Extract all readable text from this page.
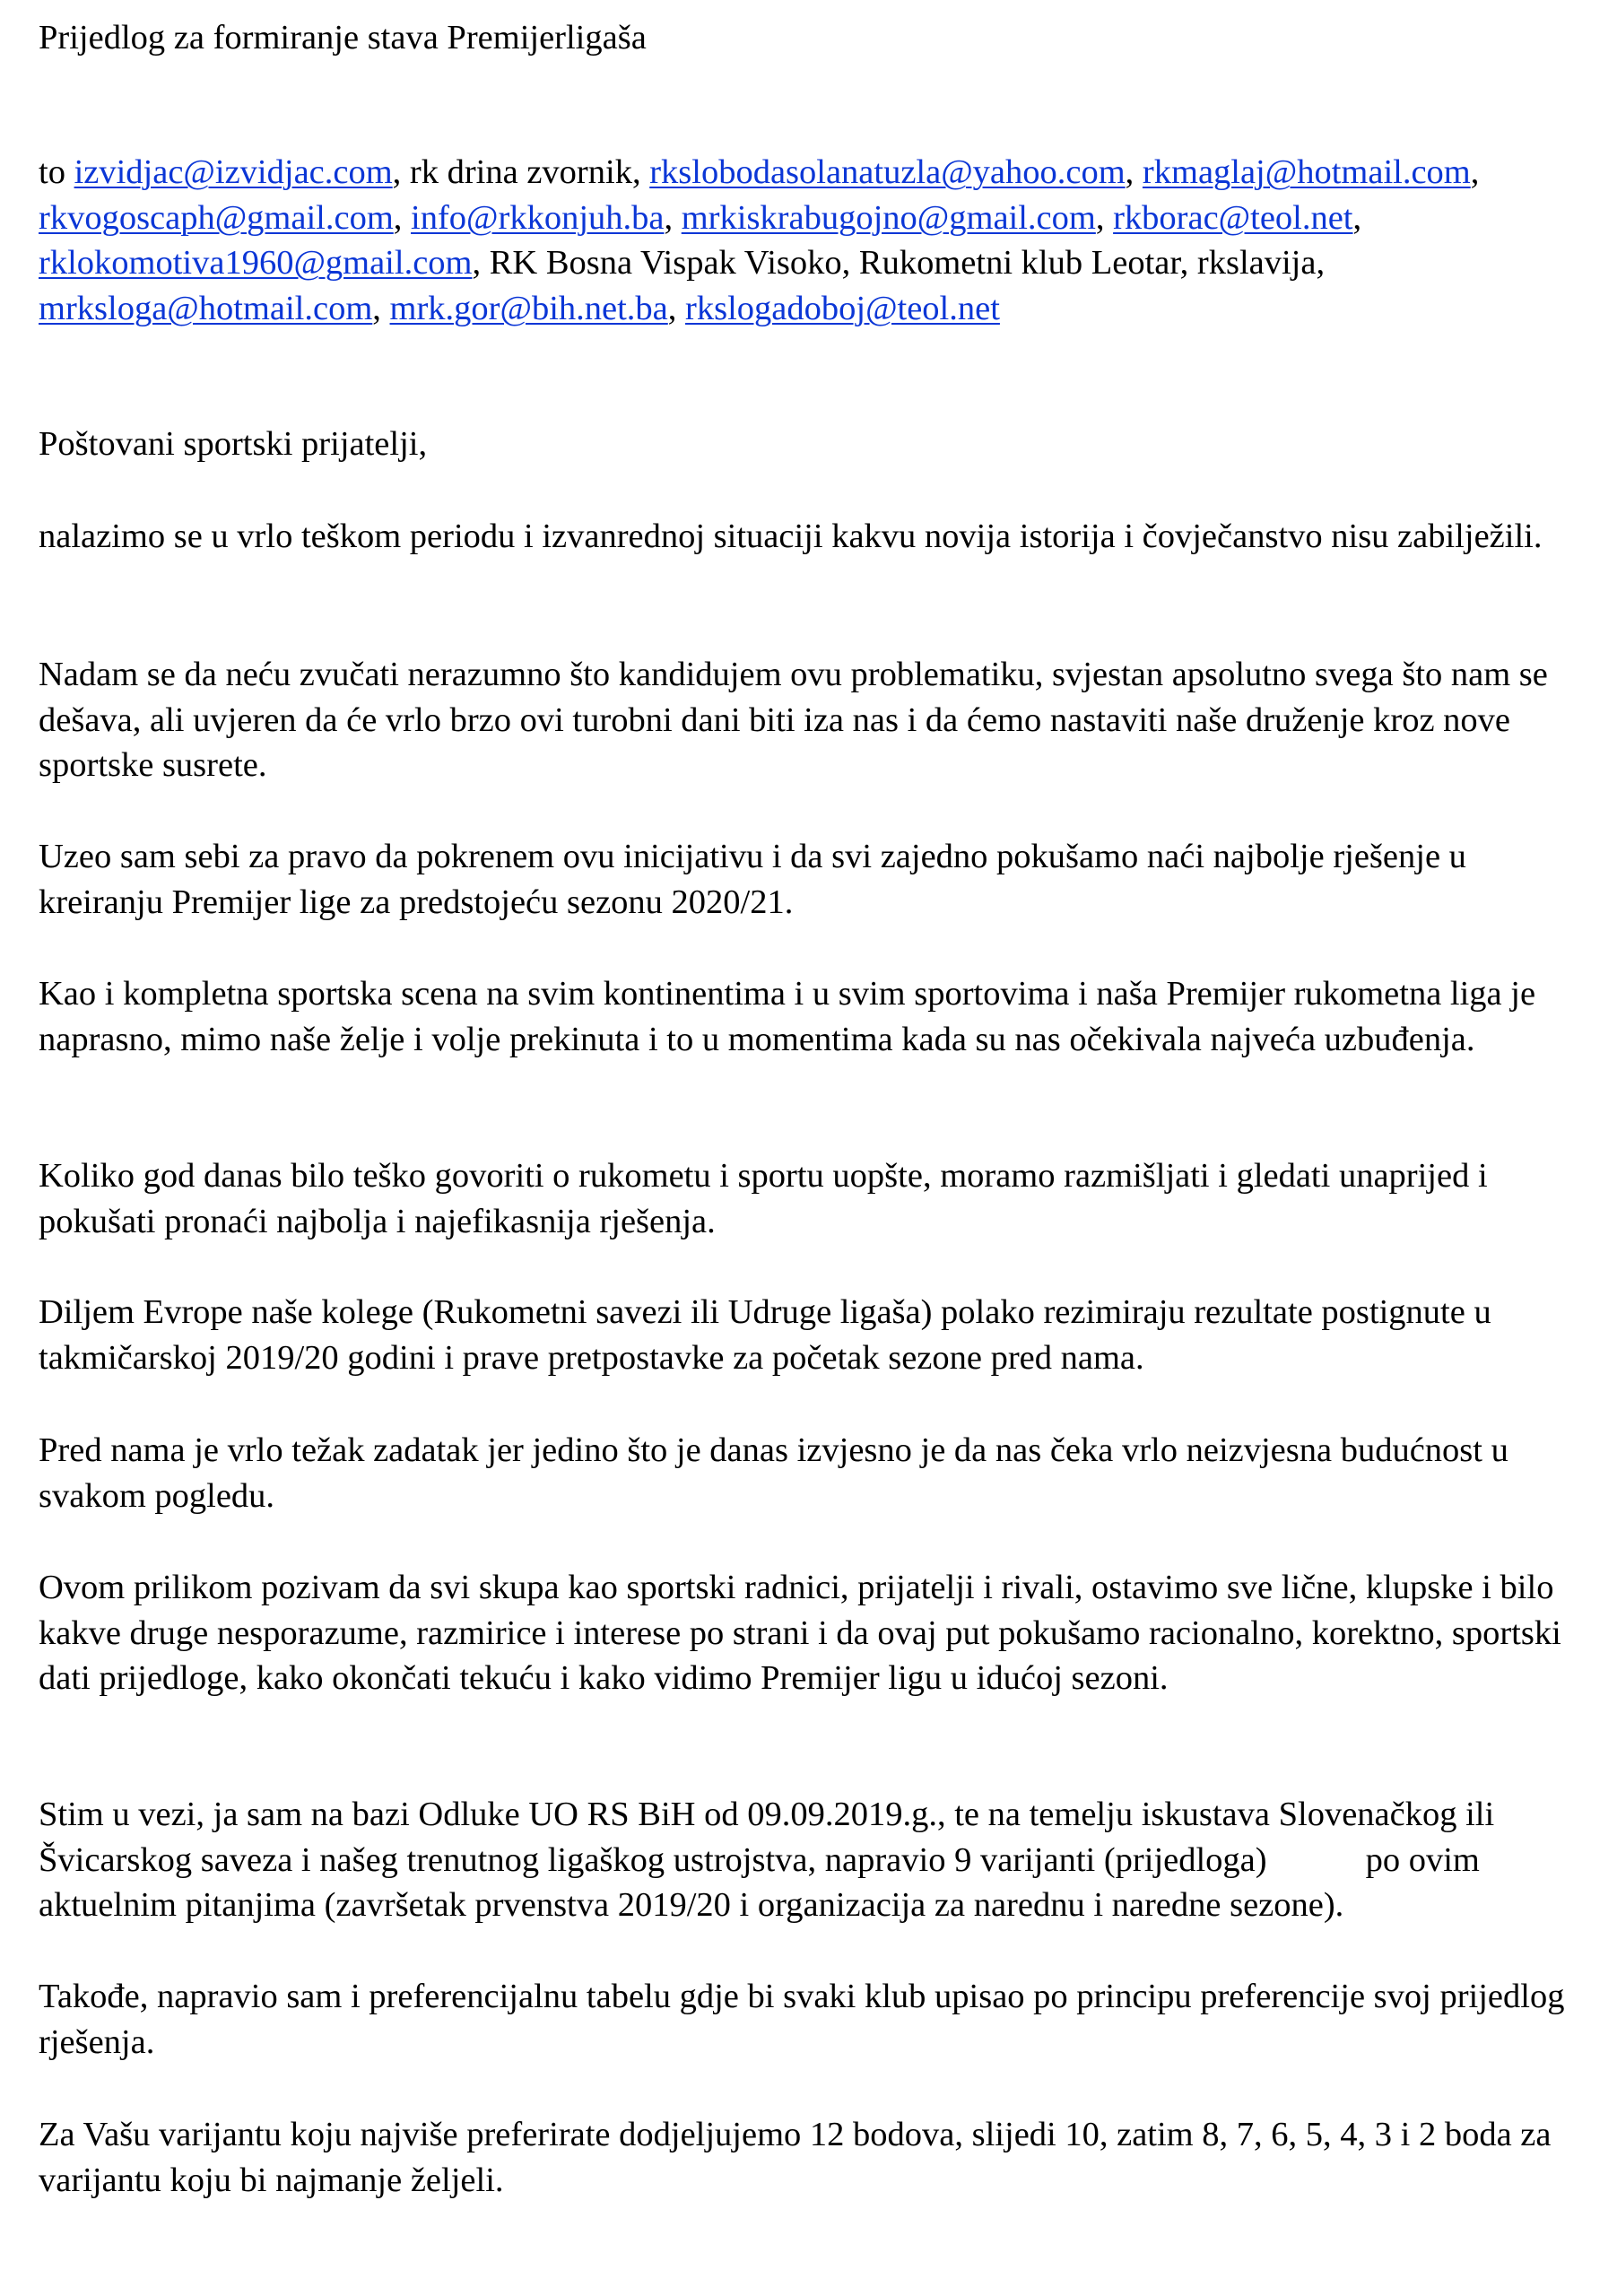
Prijedlog za formiranje stava Premijerligaša
to izvidjac@izvidjac.com, rk drina zvornik, rkslobodasolanatuzla@yahoo.com, rkmaglaj@hotmail.com, rkvogoscaph@gmail.com, info@rkkonjuh.ba, mrkiskrabugojno@gmail.com, rkborac@teol.net, rklokomotiva1960@gmail.com, RK Bosna Vispak Visoko, Rukometni klub Leotar, rkslavija, mrksloga@hotmail.com, mrk.gor@bih.net.ba, rkslogadoboj@teol.net

Poštovani sportski prijatelji,

nalazimo se u vrlo teškom periodu i izvanrednoj situaciji kakvu novija istorija i čovječanstvo nisu zabilježili.

Nadam se da neću zvučati nerazumno što kandidujem ovu problematiku, svjestan apsolutno svega što nam se dešava, ali uvjeren da će vrlo brzo ovi turobni dani biti iza nas i da ćemo nastaviti naše druženje kroz nove sportske susrete.

Uzeo sam sebi za pravo da pokrenem ovu inicijativu i da svi zajedno pokušamo naći najbolje rješenje u kreiranju Premijer lige za predstojeću sezonu 2020/21.

Kao i kompletna sportska scena na svim kontinentima i u svim sportovima i naša Premijer rukometna liga je naprasno, mimo naše želje i volje prekinuta i to u momentima kada su nas očekivala najveća uzbuđenja.

Koliko god danas bilo teško govoriti o rukometu i sportu uopšte, moramo razmišljati i gledati unaprijed i pokušati pronaći najbolja i najefikasnija rješenja.

Diljem Evrope naše kolege (Rukometni savezi ili Udruge ligaša) polako rezimiraju rezultate postignute u takmičarskoj 2019/20 godini i prave pretpostavke za početak sezone pred nama.

Pred nama je vrlo težak zadatak jer jedino što je danas izvjesno je da nas čeka vrlo neizvjesna budućnost u svakom pogledu.

Ovom prilikom pozivam da svi skupa kao sportski radnici, prijatelji i rivali, ostavimo sve lične, klupske i bilo kakve druge nesporazume, razmirice i interese po strani i da ovaj put pokušamo racionalno, korektno, sportski dati prijedloge, kako okončati tekuću i kako vidimo Premijer ligu u idućoj sezoni.

Stim u vezi, ja sam na bazi Odluke UO RS BiH od 09.09.2019.g., te na temelju iskustava Slovenačkog ili Švicarskog saveza i našeg trenutnog ligaškog ustrojstva, napravio 9 varijanti (prijedloga)	po ovim aktuelnim pitanjima (završetak prvenstva 2019/20 i organizacija za narednu i naredne sezone).

Takođe, napravio sam i preferencijalnu tabelu gdje bi svaki klub upisao po principu preferencije svoj prijedlog rješenja.

Za Vašu varijantu koju najviše preferirate dodjeljujemo 12 bodova, slijedi 10, zatim 8, 7, 6, 5, 4, 3 i 2 boda za varijantu koju bi najmanje željeli.
